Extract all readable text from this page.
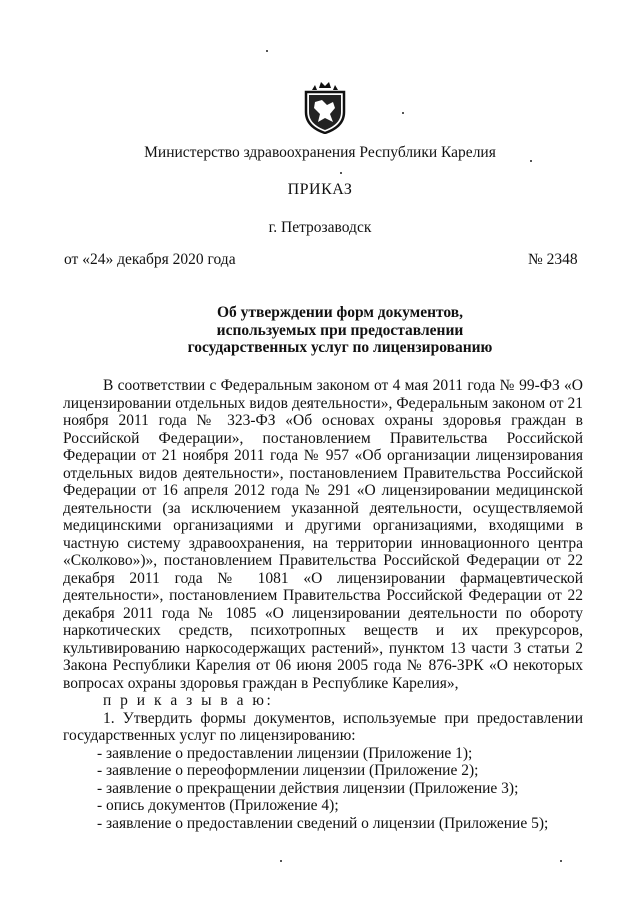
Министерство здравоохранения Республики Карелия
ПРИКАЗ
г. Петрозаводск
от «24» декабря 2020 года	№ 2348
Об утверждении форм документов,
используемых при предоставлении
государственных услуг по лицензированию

В соответствии с Федеральным законом от 4 мая 2011 года № 99-ФЗ «О лицензировании отдельных видов деятельности», Федеральным законом от 21 ноября 2011 года № 323-ФЗ «Об основах охраны здоровья граждан в Российской Федерации», постановлением Правительства Российской Федерации от 21 ноября 2011 года № 957 «Об организации лицензирования отдельных видов деятельности», постановлением Правительства Российской Федерации от 16 апреля 2012 года № 291 «О лицензировании медицинской деятельности (за исключением указанной деятельности, осуществляемой медицинскими организациями и другими организациями, входящими в частную систему здравоохранения, на территории инновационного центра «Сколково»)», постановлением Правительства Российской Федерации от 22 декабря 2011 года № 1081 «О лицензировании фармацевтической деятельности», постановлением Правительства Российской Федерации от 22 декабря 2011 года № 1085 «О лицензировании деятельности по обороту наркотических средств, психотропных веществ и их прекурсоров, культивированию наркосодержащих растений», пунктом 13 части 3 статьи 2 Закона Республики Карелия от 06 июня 2005 года № 876-ЗРК «О некоторых вопросах охраны здоровья граждан в Республике Карелия»,

п р и к а з ы в а ю:

1. Утвердить формы документов, используемые при предоставлении государственных услуг по лицензированию:

- заявление о предоставлении лицензии (Приложение 1);
- заявление о переоформлении лицензии (Приложение 2);
- заявление о прекращении действия лицензии (Приложение 3);
- опись документов (Приложение 4);
- заявление о предоставлении сведений о лицензии (Приложение 5);
